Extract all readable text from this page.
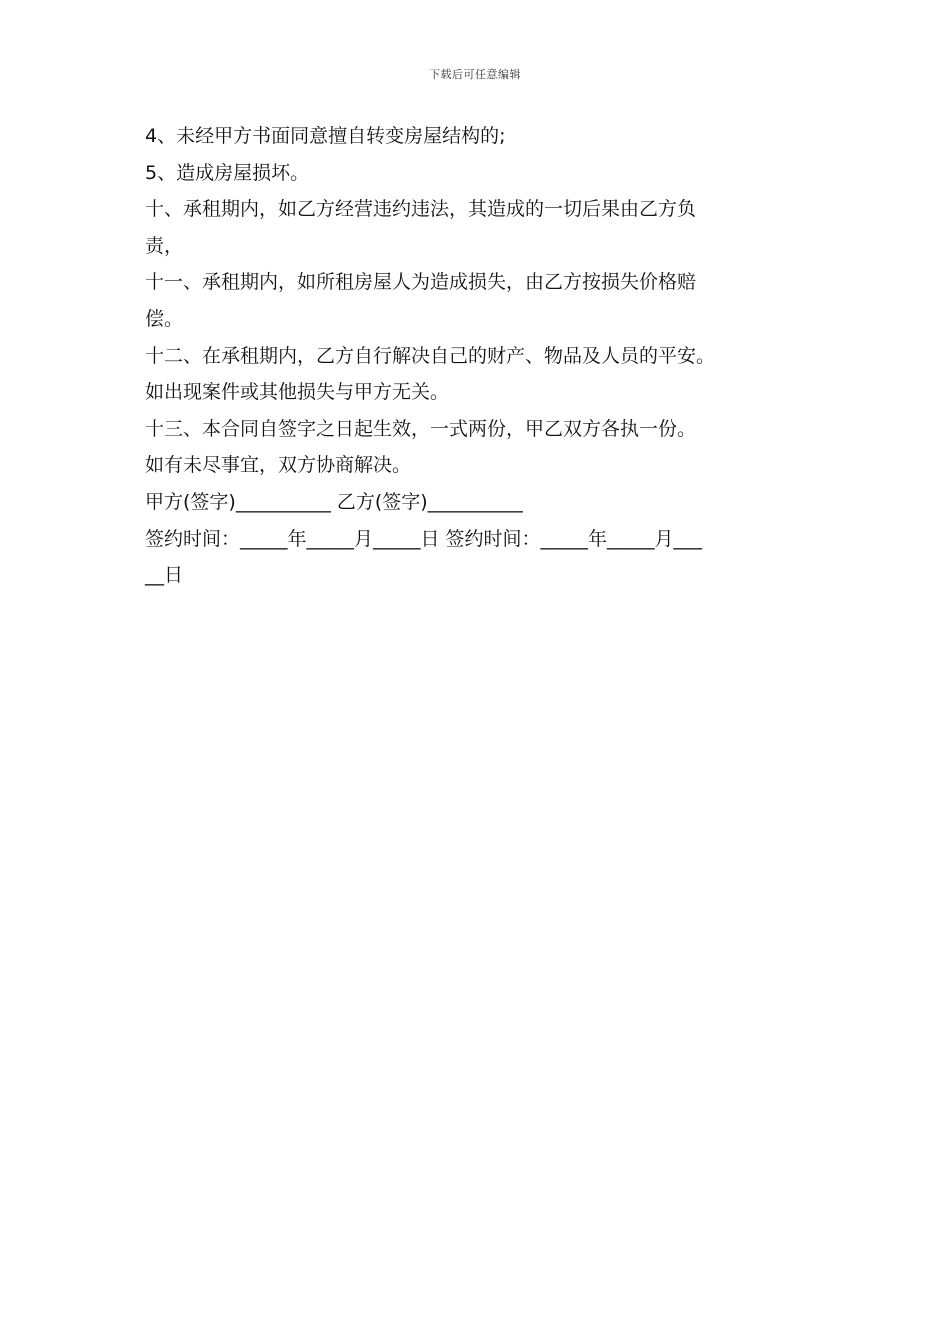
下载后可任意编辑

4、未经甲方书面同意擅自转变房屋结构的;

5、造成房屋损坏。

十、承租期内，如乙方经营违约违法，其造成的一切后果由乙方负

责，

十一、承租期内，如所租房屋人为造成损失，由乙方按损失价格赔

偿。

十二、在承租期内，乙方自行解决自己的财产、物品及人员的平安。

如出现案件或其他损失与甲方无关。

十三、本合同自签字之日起生效，一式两份，甲乙双方各执一份。

如有未尽事宜，双方协商解决。

甲方(签字)__________ 乙方(签字)__________

签约时间：_____年_____月_____日 签约时间：_____年_____月___

__日
